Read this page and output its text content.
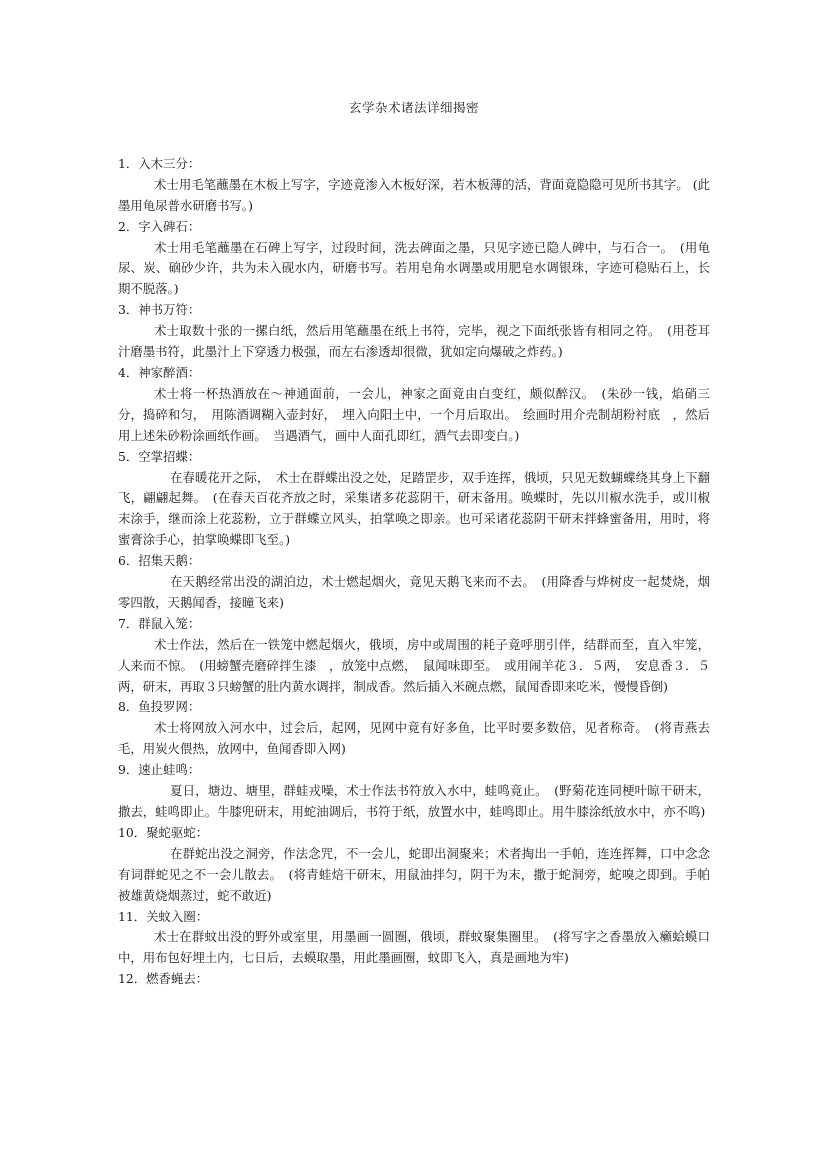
玄学杂术诸法详细揭密

1．入木三分：

术士用毛笔蘸墨在木板上写字，字迹竟渗入木板好深，若木板薄的活，背面竟隐隐可见所书其字。 (此墨用龟尿普水研磨书写。)

2．字入碑石：

术士用毛笔蘸墨在石碑上写字，过段时间，洗去碑面之墨，只见字迹已隐人碑中，与石合一。　(用龟尿、炭、硇砂少许，共为未入砚水内，研磨书写。若用皂角水调墨或用肥皂水调银珠，字迹可稳贴石上，长期不脱落。)

3．神书万符：

术士取数十张的一摞白纸，然后用笔蘸墨在纸上书符，完毕，视之下面纸张皆有相同之符。　(用苍耳汁磨墨书符，此墨汁上下穿透力极强，而左右渗透却很微，犹如定向爆破之炸药。)

4．神家醉酒：

术士将一杯热酒放在～神通面前，一会儿，神家之面竟由白变红，颇似醉汉。　(朱砂一钱，焰硝三分，捣碎和匀，　用陈酒调糊入壶封好，　埋入向阳土中，一个月后取出。　绘画时用介壳制胡粉衬底　，然后用上述朱砂粉涂画纸作画。　当遇酒气，画中人面孔即红，酒气去即变白。)

5．空掌招蝶：

在春暖花开之际，　术士在群蝶出没之处，足踏罡步，双手连挥，俄顷，只见无数蝴蝶绕其身上下翻飞，翩翩起舞。　(在春天百花齐放之时，采集诸多花蕊阴干，研末备用。唤蝶时，先以川椒水洗手，或川椒末涂手，继而涂上花蕊粉，立于群蝶立风头，拍掌唤之即亲。也可采诸花蕊阴干研末拌蜂蜜备用，用时，将蜜膏涂手心，拍掌唤蝶即飞至。)

6．招集天鹅：

在天鹅经常出没的湖泊边，术士燃起烟火，竟见天鹅飞来而不去。　(用降香与烨树皮一起焚烧，烟零四散，天鹅闻香，接瞳飞来)

7．群鼠入笼：

术士作法，然后在一铁笼中燃起烟火，俄顷，房中或周围的耗子竟呼朋引伴，结群而至，直入牢笼，人来而不惊。　(用螃蟹壳磨碎拌生漆　，放笼中点燃，　鼠闻味即至。　或用闹羊花３．５两，　安息香３．５两，研末，再取３只螃蟹的肚内黄水调拌，制成香。然后插入米碗点燃，鼠闻香即来吃米，慢慢昏倒)

8．鱼投罗网：

术士将网放入河水中，过会后，起网，见网中竟有好多鱼，比平时要多数倍，见者称奇。　(将青燕去毛，用炭火偎热，放网中，鱼闻香即入网)

9．速止蛙鸣：

夏日，塘边、塘里，群蛙戎噪，术士作法书符放入水中，蛙鸣竟止。　(野菊花连同梗叶晾干研末，撒去，蛙鸣即止。牛膝兜研末，用蛇油调后，书符于纸，放置水中，蛙鸣即止。用牛膝涂纸放水中，亦不鸣)

10．聚蛇驱蛇：

在群蛇出没之洞旁，作法念咒，不一会儿，蛇即出洞聚来；术者掏出一手帕，连连挥舞，口中念念有词群蛇见之不一会儿散去。　(将青蛙焙干研末，用鼠油拌匀，阴干为末，撒于蛇洞旁，蛇嗅之即到。手帕被雄黄烧烟蒸过，蛇不敢近)

11．关蚊入圈：

术士在群蚊出没的野外或室里，用墨画一圆圈，俄顷，群蚊聚集圈里。　(将写字之香墨放入癞蛤蟆口中，用布包好埋土内，七日后，去蟆取墨，用此墨画圈，蚊即飞入，真是画地为牢)

12．燃香蝇去：
